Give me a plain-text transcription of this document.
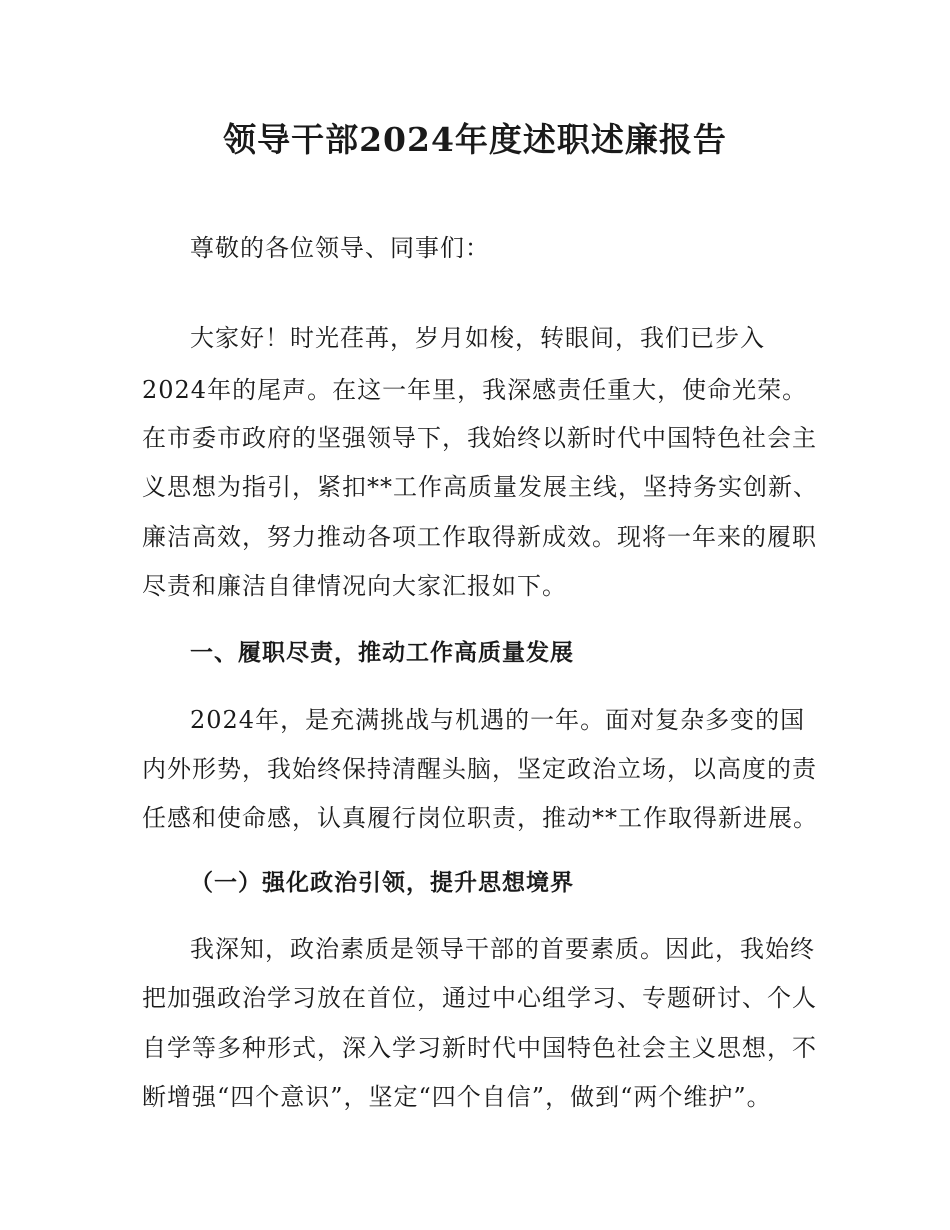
领导干部2024年度述职述廉报告

尊敬的各位领导、同事们：

大家好！时光荏苒，岁月如梭，转眼间，我们已步入

2024年的尾声。在这一年里，我深感责任重大，使命光荣。

在市委市政府的坚强领导下，我始终以新时代中国特色社会主

义思想为指引，紧扣**工作高质量发展主线，坚持务实创新、

廉洁高效，努力推动各项工作取得新成效。现将一年来的履职

尽责和廉洁自律情况向大家汇报如下。

一、履职尽责，推动工作高质量发展

2024年，是充满挑战与机遇的一年。面对复杂多变的国

内外形势，我始终保持清醒头脑，坚定政治立场，以高度的责

任感和使命感，认真履行岗位职责，推动**工作取得新进展。

（一）强化政治引领，提升思想境界

我深知，政治素质是领导干部的首要素质。因此，我始终

把加强政治学习放在首位，通过中心组学习、专题研讨、个人

自学等多种形式，深入学习新时代中国特色社会主义思想，不

断增强“四个意识”，坚定“四个自信”，做到“两个维护”。
